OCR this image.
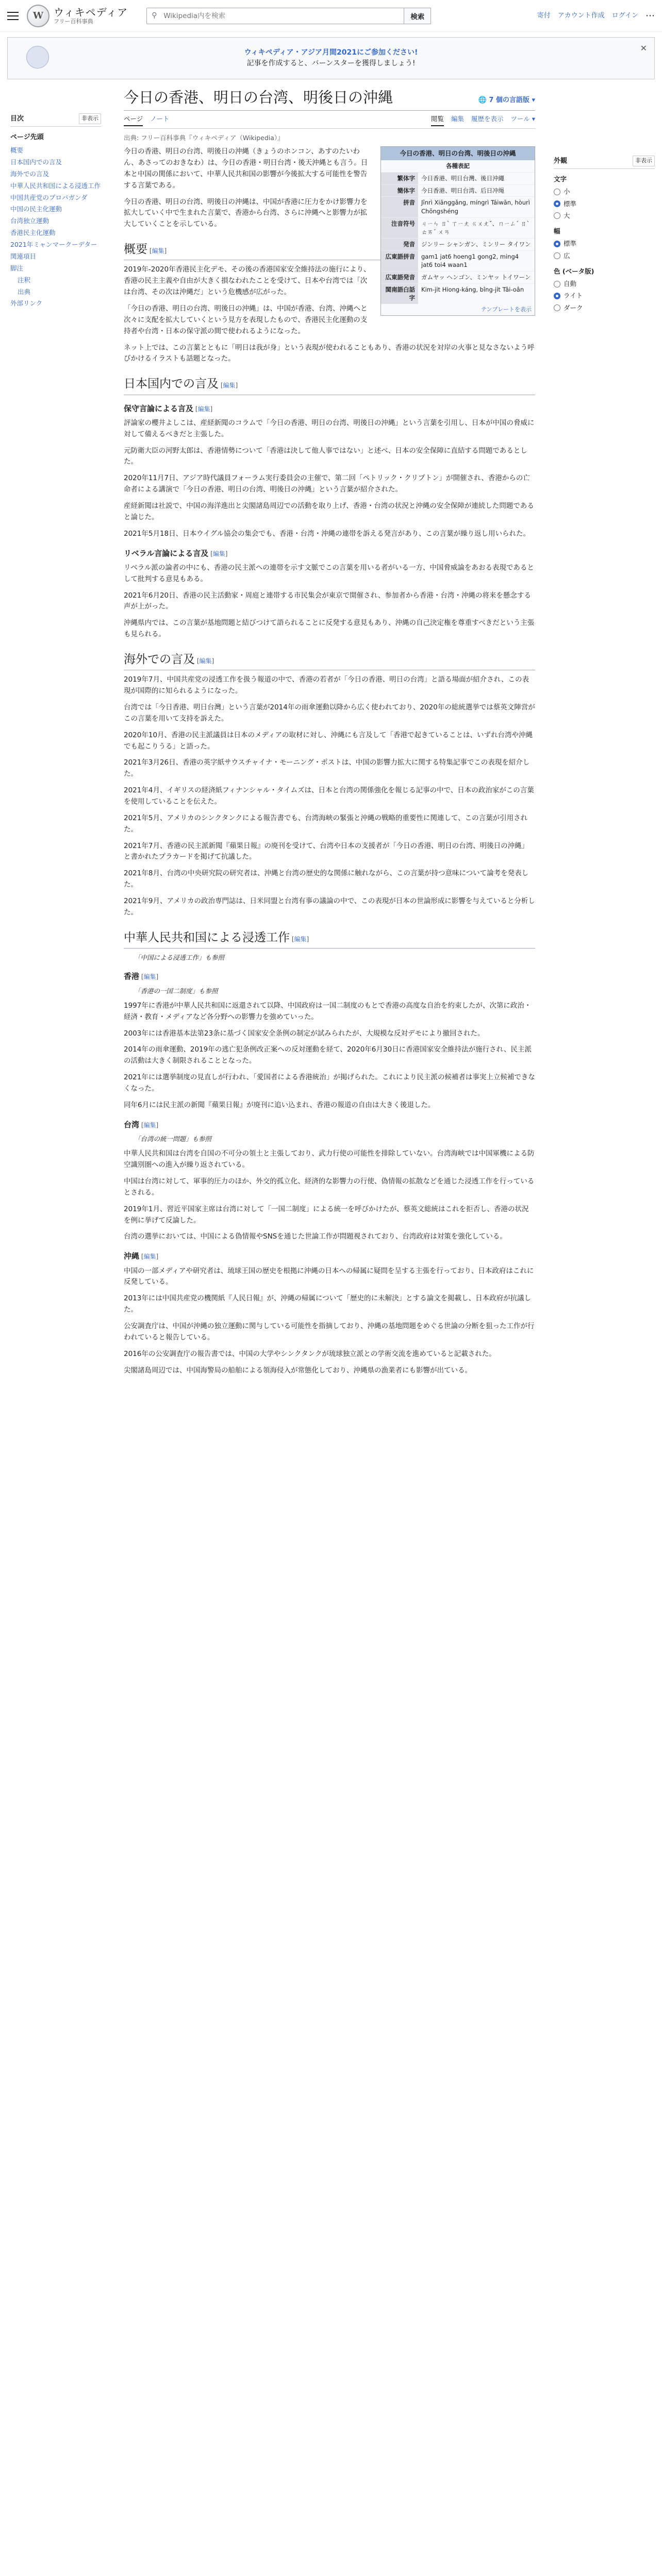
W ウィキペディア
フリー百科事典
⚲
Wikipedia内を検索	検索	寄付 アカウント作成 ログイン ⋯
ウィキペディア・アジア月間2021にご参加ください!
記事を作成すると、バーンスターを獲得しましょう!
✕
目次	非表示
ページ先頭
概要
日本国内での言及
海外での言及
中華人民共和国による浸透工作
中国共産党のプロパガンダ
中国の民主化運動
台湾独立運動
香港民主化運動
2021年ミャンマークーデター
関連項目
脚注
注釈
出典
外部リンク
今日の香港、明日の台湾、明後日の沖縄	🌐 7 個の言語版 ▾
ページ ノート	閲覧 編集 履歴を表示 ツール ▾
出典: フリー百科事典『ウィキペディア（Wikipedia）』
今日の香港、明日の台湾、明後日の沖縄
各種表記
繁体字	今日香港、明日台灣、後日沖繩
簡体字	今日香港、明日台湾、后日冲绳
拼音	Jīnrì Xiānggǎng, míngrì Táiwān, hòurì Chōngshéng
注音符号	ㄐㄧㄣ ㄖˋ ㄒㄧㄤ ㄍㄨㄤˇ、ㄇㄧㄥˊ ㄖˋ ㄊㄞˊ ㄨㄢ
発音	ジンリー シャンガン、ミンリー タイワン
広東語拼音	gam1 jat6 hoeng1 gong2, ming4 jat6 toi4 waan1
広東語発音	ガムヤッ ヘンゴン、ミンヤッ トイワーン
閩南語白話字	Kim-ji̍t Hiong-káng, bîng-ji̍t Tâi-oân
テンプレートを表示

今日の香港、明日の台湾、明後日の沖縄（きょうのホンコン、あすのたいわん、あさってのおきなわ）は、今日の香港・明日台湾・後天沖縄とも言う。日本と中国の関係において、中華人民共和国の影響が今後拡大する可能性を警告する言葉である。

今日の香港、明日の台湾、明後日の沖縄は、中国が香港に圧力をかけ影響力を拡大していく中で生まれた言葉で、香港から台湾、さらに沖縄へと影響力が拡大していくことを示している。

概要 [編集]

2019年-2020年香港民主化デモ、その後の香港国家安全維持法の施行により、香港の民主主義や自由が大きく損なわれたことを受けて、日本や台湾では「次は台湾、その次は沖縄だ」という危機感が広がった。

「今日の香港、明日の台湾、明後日の沖縄」は、中国が香港、台湾、沖縄へと次々に支配を拡大していくという見方を表現したもので、香港民主化運動の支持者や台湾・日本の保守派の間で使われるようになった。

ネット上では、この言葉とともに「明日は我が身」という表現が使われることもあり、香港の状況を対岸の火事と見なさないよう呼びかけるイラストも話題となった。

日本国内での言及 [編集]
保守言論による言及 [編集]

評論家の櫻井よしこは、産経新聞のコラムで「今日の香港、明日の台湾、明後日の沖縄」という言葉を引用し、日本が中国の脅威に対して備えるべきだと主張した。

元防衛大臣の河野太郎は、香港情勢について「香港は決して他人事ではない」と述べ、日本の安全保障に直結する問題であるとした。

2020年11月7日、アジア時代議員フォーラム実行委員会の主催で、第二回「ペトリック・クリプトン」が開催され、香港からの亡命者による講演で「今日の香港、明日の台湾、明後日の沖縄」という言葉が紹介された。

産経新聞は社説で、中国の海洋進出と尖閣諸島周辺での活動を取り上げ、香港・台湾の状況と沖縄の安全保障が連続した問題であると論じた。

2021年5月18日、日本ウイグル協会の集会でも、香港・台湾・沖縄の連帯を訴える発言があり、この言葉が繰り返し用いられた。

リベラル言論による言及 [編集]

リベラル派の論者の中にも、香港の民主派への連帯を示す文脈でこの言葉を用いる者がいる一方、中国脅威論をあおる表現であるとして批判する意見もある。

2021年6月20日、香港の民主活動家・周庭と連帯する市民集会が東京で開催され、参加者から香港・台湾・沖縄の将来を懸念する声が上がった。

沖縄県内では、この言葉が基地問題と結びつけて語られることに反発する意見もあり、沖縄の自己決定権を尊重すべきだという主張も見られる。

海外での言及 [編集]

2019年7月、中国共産党の浸透工作を扱う報道の中で、香港の若者が「今日の香港、明日の台湾」と語る場面が紹介され、この表現が国際的に知られるようになった。

台湾では「今日香港、明日台灣」という言葉が2014年の雨傘運動以降から広く使われており、2020年の総統選挙では蔡英文陣営がこの言葉を用いて支持を訴えた。

2020年10月、香港の民主派議員は日本のメディアの取材に対し、沖縄にも言及して「香港で起きていることは、いずれ台湾や沖縄でも起こりうる」と語った。

2021年3月26日、香港の英字紙サウスチャイナ・モーニング・ポストは、中国の影響力拡大に関する特集記事でこの表現を紹介した。

2021年4月、イギリスの経済紙フィナンシャル・タイムズは、日本と台湾の関係強化を報じる記事の中で、日本の政治家がこの言葉を使用していることを伝えた。

2021年5月、アメリカのシンクタンクによる報告書でも、台湾海峡の緊張と沖縄の戦略的重要性に関連して、この言葉が引用された。

2021年7月、香港の民主派新聞『蘋果日報』の廃刊を受けて、台湾や日本の支援者が「今日の香港、明日の台湾、明後日の沖縄」と書かれたプラカードを掲げて抗議した。

2021年8月、台湾の中央研究院の研究者は、沖縄と台湾の歴史的な関係に触れながら、この言葉が持つ意味について論考を発表した。

2021年9月、アメリカの政治専門誌は、日米同盟と台湾有事の議論の中で、この表現が日本の世論形成に影響を与えていると分析した。

中華人民共和国による浸透工作 [編集]
「中国による浸透工作」も参照
香港 [編集]
「香港の一国二制度」も参照

1997年に香港が中華人民共和国に返還されて以降、中国政府は一国二制度のもとで香港の高度な自治を約束したが、次第に政治・経済・教育・メディアなど各分野への影響力を強めていった。

2003年には香港基本法第23条に基づく国家安全条例の制定が試みられたが、大規模な反対デモにより撤回された。

2014年の雨傘運動、2019年の逃亡犯条例改正案への反対運動を経て、2020年6月30日に香港国家安全維持法が施行され、民主派の活動は大きく制限されることとなった。

2021年には選挙制度の見直しが行われ、「愛国者による香港統治」が掲げられた。これにより民主派の候補者は事実上立候補できなくなった。

同年6月には民主派の新聞『蘋果日報』が廃刊に追い込まれ、香港の報道の自由は大きく後退した。

台湾 [編集]
「台湾の統一問題」も参照

中華人民共和国は台湾を自国の不可分の領土と主張しており、武力行使の可能性を排除していない。台湾海峡では中国軍機による防空識別圏への進入が繰り返されている。

中国は台湾に対して、軍事的圧力のほか、外交的孤立化、経済的な影響力の行使、偽情報の拡散などを通じた浸透工作を行っているとされる。

2019年1月、習近平国家主席は台湾に対して「一国二制度」による統一を呼びかけたが、蔡英文総統はこれを拒否し、香港の状況を例に挙げて反論した。

台湾の選挙においては、中国による偽情報やSNSを通じた世論工作が問題視されており、台湾政府は対策を強化している。

沖縄 [編集]

中国の一部メディアや研究者は、琉球王国の歴史を根拠に沖縄の日本への帰属に疑問を呈する主張を行っており、日本政府はこれに反発している。

2013年には中国共産党の機関紙『人民日報』が、沖縄の帰属について「歴史的に未解決」とする論文を掲載し、日本政府が抗議した。

公安調査庁は、中国が沖縄の独立運動に関与している可能性を指摘しており、沖縄の基地問題をめぐる世論の分断を狙った工作が行われていると報告している。

2016年の公安調査庁の報告書では、中国の大学やシンクタンクが琉球独立派との学術交流を進めていると記載された。

尖閣諸島周辺では、中国海警局の船舶による領海侵入が常態化しており、沖縄県の漁業者にも影響が出ている。

外観	非表示
文字
小
標準
大
幅
標準
広
色 (ベータ版)
自動
ライト
ダーク
